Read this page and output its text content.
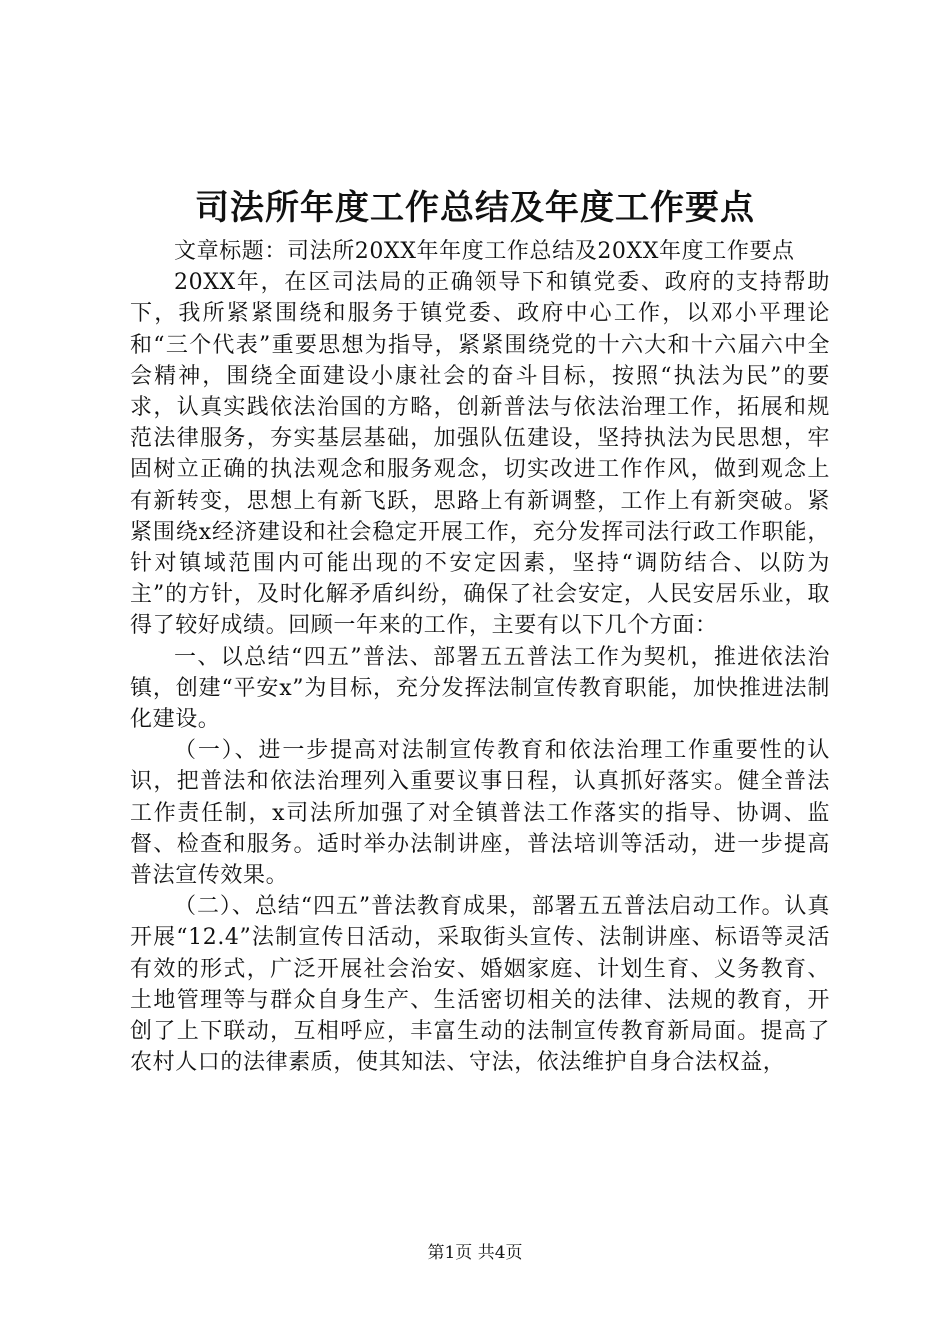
司法所年度工作总结及年度工作要点

文章标题：司法所20XX年年度工作总结及20XX年度工作要点

20XX年，在区司法局的正确领导下和镇党委、政府的支持帮助下，我所紧紧围绕和服务于镇党委、政府中心工作，以邓小平理论和“三个代表”重要思想为指导，紧紧围绕党的十六大和十六届六中全会精神，围绕全面建设小康社会的奋斗目标，按照“执法为民”的要求，认真实践依法治国的方略，创新普法与依法治理工作，拓展和规范法律服务，夯实基层基础，加强队伍建设，坚持执法为民思想，牢固树立正确的执法观念和服务观念，切实改进工作作风，做到观念上有新转变，思想上有新飞跃，思路上有新调整，工作上有新突破。紧紧围绕x经济建设和社会稳定开展工作，充分发挥司法行政工作职能，针对镇域范围内可能出现的不安定因素，坚持“调防结合、以防为主”的方针，及时化解矛盾纠纷，确保了社会安定，人民安居乐业，取得了较好成绩。回顾一年来的工作，主要有以下几个方面：

一、以总结“四五”普法、部署五五普法工作为契机，推进依法治镇，创建“平安x”为目标，充分发挥法制宣传教育职能，加快推进法制化建设。

（一）、进一步提高对法制宣传教育和依法治理工作重要性的认识，把普法和依法治理列入重要议事日程，认真抓好落实。健全普法工作责任制，x司法所加强了对全镇普法工作落实的指导、协调、监督、检查和服务。适时举办法制讲座，普法培训等活动，进一步提高普法宣传效果。

（二）、总结“四五”普法教育成果，部署五五普法启动工作。认真开展“12.4”法制宣传日活动，采取街头宣传、法制讲座、标语等灵活有效的形式，广泛开展社会治安、婚姻家庭、计划生育、义务教育、土地管理等与群众自身生产、生活密切相关的法律、法规的教育，开创了上下联动，互相呼应，丰富生动的法制宣传教育新局面。提高了农村人口的法律素质，使其知法、守法，依法维护自身合法权益，

第1页 共4页
